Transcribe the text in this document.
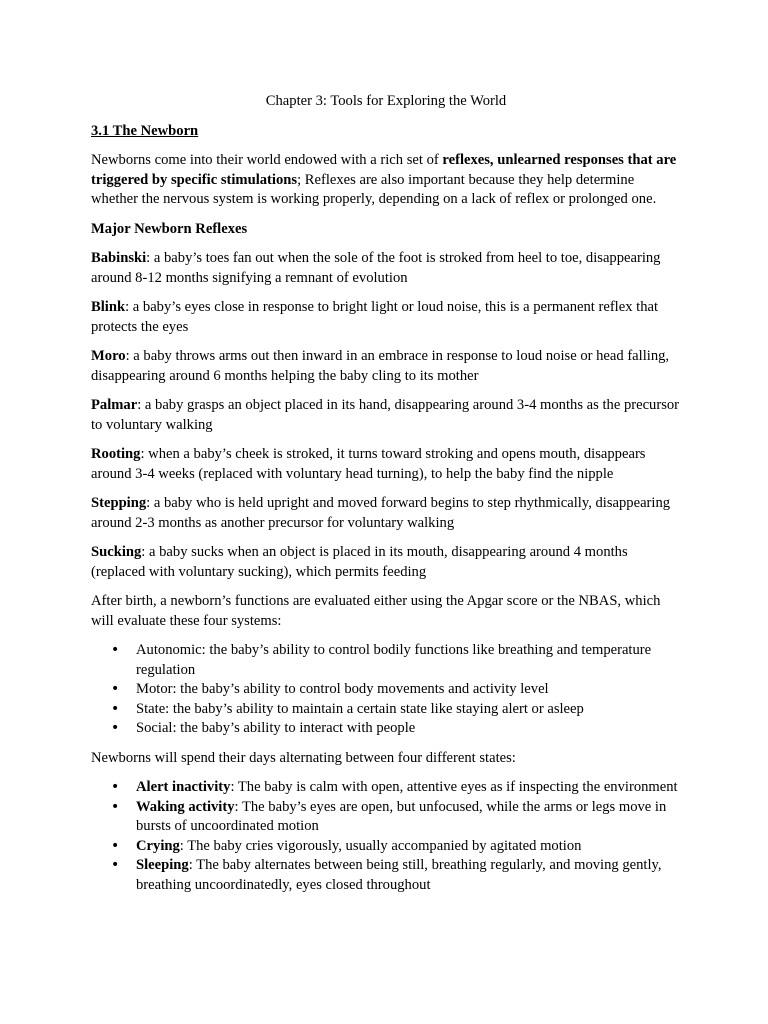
Chapter 3: Tools for Exploring the World
3.1 The Newborn

Newborns come into their world endowed with a rich set of reflexes, unlearned responses that are triggered by specific stimulations; Reflexes are also important because they help determine whether the nervous system is working properly, depending on a lack of reflex or prolonged one.

Major Newborn Reflexes

Babinski: a baby’s toes fan out when the sole of the foot is stroked from heel to toe, disappearing around 8-12 months signifying a remnant of evolution

Blink: a baby’s eyes close in response to bright light or loud noise, this is a permanent reflex that protects the eyes

Moro: a baby throws arms out then inward in an embrace in response to loud noise or head falling, disappearing around 6 months helping the baby cling to its mother

Palmar: a baby grasps an object placed in its hand, disappearing around 3-4 months as the precursor to voluntary walking

Rooting: when a baby’s cheek is stroked, it turns toward stroking and opens mouth, disappears around 3-4 weeks (replaced with voluntary head turning), to help the baby find the nipple

Stepping: a baby who is held upright and moved forward begins to step rhythmically, disappearing around 2-3 months as another precursor for voluntary walking

Sucking: a baby sucks when an object is placed in its mouth, disappearing around 4 months (replaced with voluntary sucking), which permits feeding

After birth, a newborn’s functions are evaluated either using the Apgar score or the NBAS, which will evaluate these four systems:

• Autonomic: the baby’s ability to control bodily functions like breathing and temperature regulation
• Motor: the baby’s ability to control body movements and activity level
• State: the baby’s ability to maintain a certain state like staying alert or asleep
• Social: the baby’s ability to interact with people

Newborns will spend their days alternating between four different states:

• Alert inactivity: The baby is calm with open, attentive eyes as if inspecting the environment
• Waking activity: The baby’s eyes are open, but unfocused, while the arms or legs move in bursts of uncoordinated motion
• Crying: The baby cries vigorously, usually accompanied by agitated motion
• Sleeping: The baby alternates between being still, breathing regularly, and moving gently, breathing uncoordinatedly, eyes closed throughout
